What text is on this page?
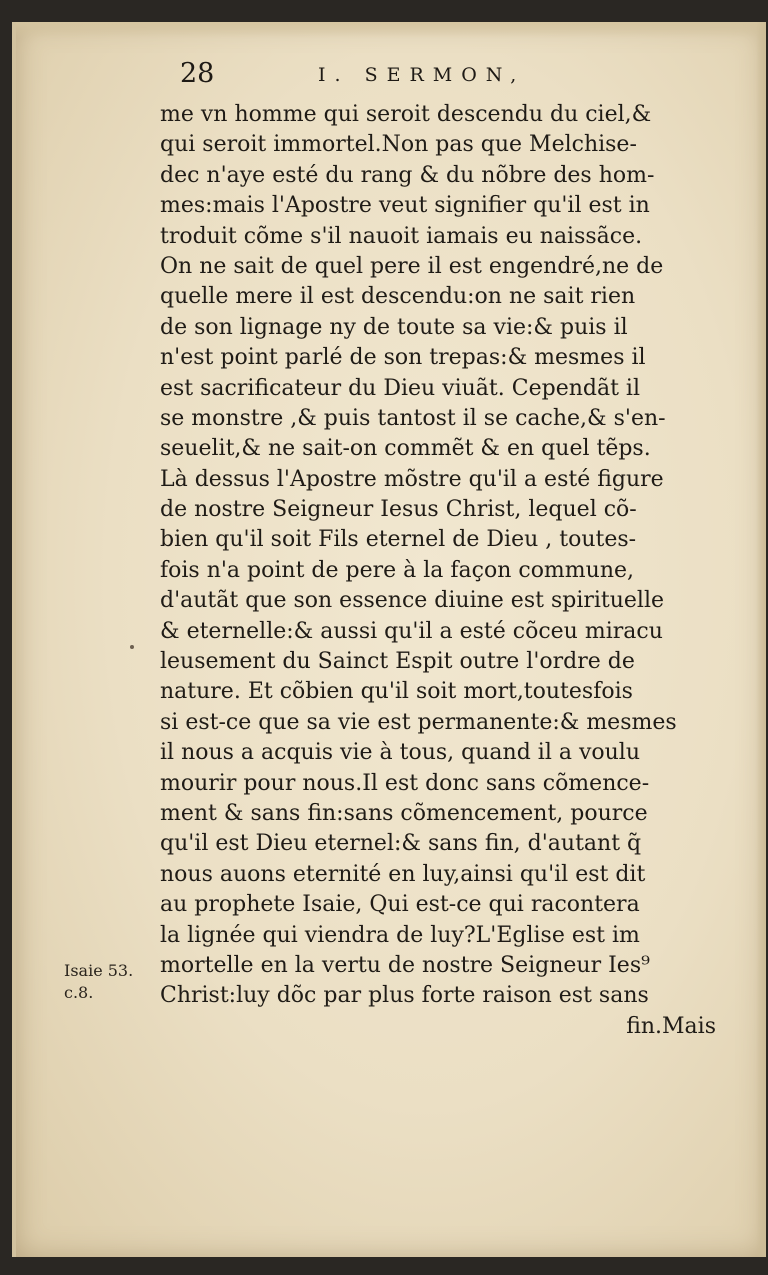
28	I. SERMON,
me vn homme qui seroit descendu du ciel,&
qui seroit immortel.Non pas que Melchise-
dec n'aye esté du rang & du nõbre des hom-
mes:mais l'Apostre veut signifier qu'il est in
troduit cõme s'il nauoit iamais eu naissãce.
On ne sait de quel pere il est engendré,ne de
quelle mere il est descendu:on ne sait rien
de son lignage ny de toute sa vie:& puis il
n'est point parlé de son trepas:& mesmes il
est sacrificateur du Dieu viuãt. Cependãt il
se monstre ,& puis tantost il se cache,& s'en-
seuelit,& ne sait-on commẽt & en quel tẽps.
Là dessus l'Apostre mõstre qu'il a esté figure
de nostre Seigneur Iesus Christ, lequel cõ-
bien qu'il soit Fils eternel de Dieu , toutes-
fois n'a point de pere à la façon commune,
d'autãt que son essence diuine est spirituelle
& eternelle:& aussi qu'il a esté cõceu miracu
leusement du Sainct Espit outre l'ordre de
nature. Et cõbien qu'il soit mort,toutesfois
si est-ce que sa vie est permanente:& mesmes
il nous a acquis vie à tous, quand il a voulu
mourir pour nous.Il est donc sans cõmence-
ment & sans fin:sans cõmencement, pource
qu'il est Dieu eternel:& sans fin, d'autant q̃
nous auons eternité en luy,ainsi qu'il est dit
au prophete Isaie, Qui est-ce qui racontera
la lignée qui viendra de luy?L'Eglise est im
mortelle en la vertu de nostre Seigneur Ies⁹
Christ:luy dõc par plus forte raison est sans
fin.Mais
Isaie 53.
c.8.
